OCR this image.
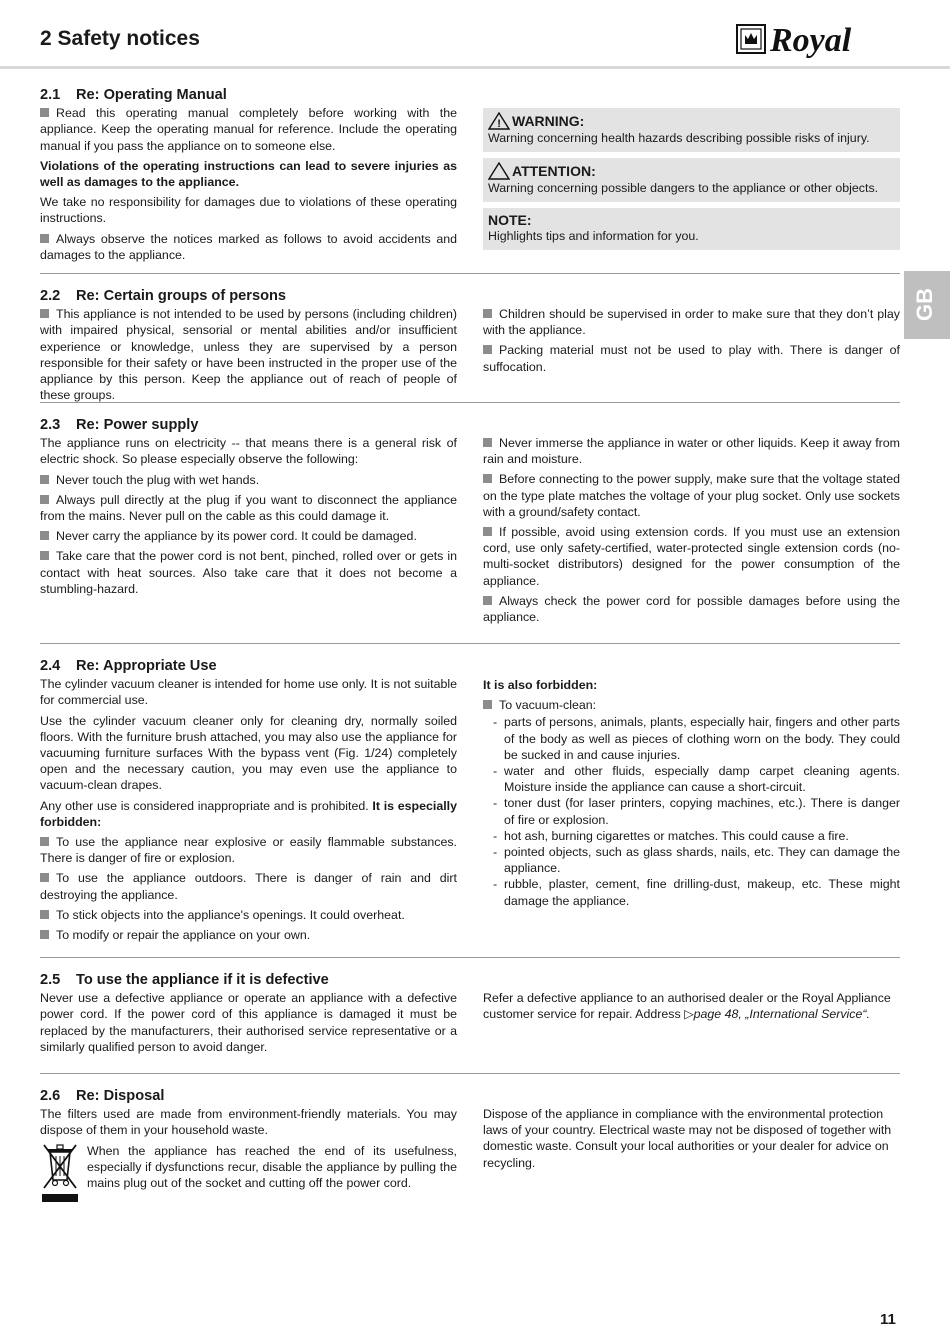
2 Safety notices	Royal
GB
2.1 Re: Operating Manual

Read this operating manual completely before working with the appliance. Keep the operating manual for reference. Include the operating manual if you pass the appliance on to someone else.

Violations of the operating instructions can lead to severe injuries as well as damages to the appliance.

We take no responsibility for damages due to violations of these operating instructions.

Always observe the notices marked as follows to avoid accidents and damages to the appliance.

! WARNING:
Warning concerning health hazards describing possible risks of injury.
ATTENTION:
Warning concerning possible dangers to the appliance or other objects.
NOTE:
Highlights tips and information for you.
2.2 Re: Certain groups of persons

This appliance is not intended to be used by persons (including children) with impaired physical, sensorial or mental abilities and/or insufficient experience or knowledge, unless they are supervised by a person responsible for their safety or have been instructed in the proper use of the appliance by this person. Keep the appliance out of reach of people of these groups.

Children should be supervised in order to make sure that they don’t play with the appliance.

Packing material must not be used to play with. There is danger of suffocation.

2.3 Re: Power supply

The appliance runs on electricity -- that means there is a general risk of electric shock. So please especially observe the following:

Never touch the plug with wet hands.

Always pull directly at the plug if you want to disconnect the appliance from the mains. Never pull on the cable as this could damage it.

Never carry the appliance by its power cord. It could be damaged.

Take care that the power cord is not bent, pinched, rolled over or gets in contact with heat sources. Also take care that it does not become a stumbling-hazard.

Never immerse the appliance in water or other liquids. Keep it away from rain and moisture.

Before connecting to the power supply, make sure that the voltage stated on the type plate matches the voltage of your plug socket. Only use sockets with a ground/safety contact.

If possible, avoid using extension cords. If you must use an extension cord, use only safety-certified, water-protected single extension cords (no-multi-socket distributors) designed for the power consumption of the appliance.

Always check the power cord for possible damages before using the appliance.

2.4 Re: Appropriate Use

The cylinder vacuum cleaner is intended for home use only. It is not suitable for commercial use.

Use the cylinder vacuum cleaner only for cleaning dry, normally soiled floors. With the furniture brush attached, you may also use the appliance for vacuuming furniture surfaces With the bypass vent (Fig. 1/24) completely open and the necessary caution, you may even use the appliance to vacuum-clean drapes.

Any other use is considered inappropriate and is prohibited. It is especially forbidden:

To use the appliance near explosive or easily flammable substances. There is danger of fire or explosion.

To use the appliance outdoors. There is danger of rain and dirt destroying the appliance.

To stick objects into the appliance's openings. It could overheat.

To modify or repair the appliance on your own.

It is also forbidden:

To vacuum-clean:

- parts of persons, animals, plants, especially hair, fingers and other parts of the body as well as pieces of clothing worn on the body. They could be sucked in and cause injuries.
- water and other fluids, especially damp carpet cleaning agents. Moisture inside the appliance can cause a short-circuit.
- toner dust (for laser printers, copying machines, etc.). There is danger of fire or explosion.
- hot ash, burning cigarettes or matches. This could cause a fire.
- pointed objects, such as glass shards, nails, etc. They can damage the appliance.
- rubble, plaster, cement, fine drilling-dust, makeup, etc. These might damage the appliance.
2.5 To use the appliance if it is defective

Never use a defective appliance or operate an appliance with a defective power cord. If the power cord of this appliance is damaged it must be replaced by the manufacturers, their authorised service representative or a similarly qualified person to avoid danger.

Refer a defective appliance to an authorised dealer or the Royal Appliance customer service for repair. Address ▷page 48, „International Service“.

2.6 Re: Disposal

The filters used are made from environment-friendly materials. You may dispose of them in your household waste.

When the appliance has reached the end of its usefulness, especially if dysfunctions recur, disable the appliance by pulling the mains plug out of the socket and cutting off the power cord.

Dispose of the appliance in compliance with the environmental protection laws of your country. Electrical waste may not be disposed of together with domestic waste. Consult your local authorities or your dealer for advice on recycling.

11
